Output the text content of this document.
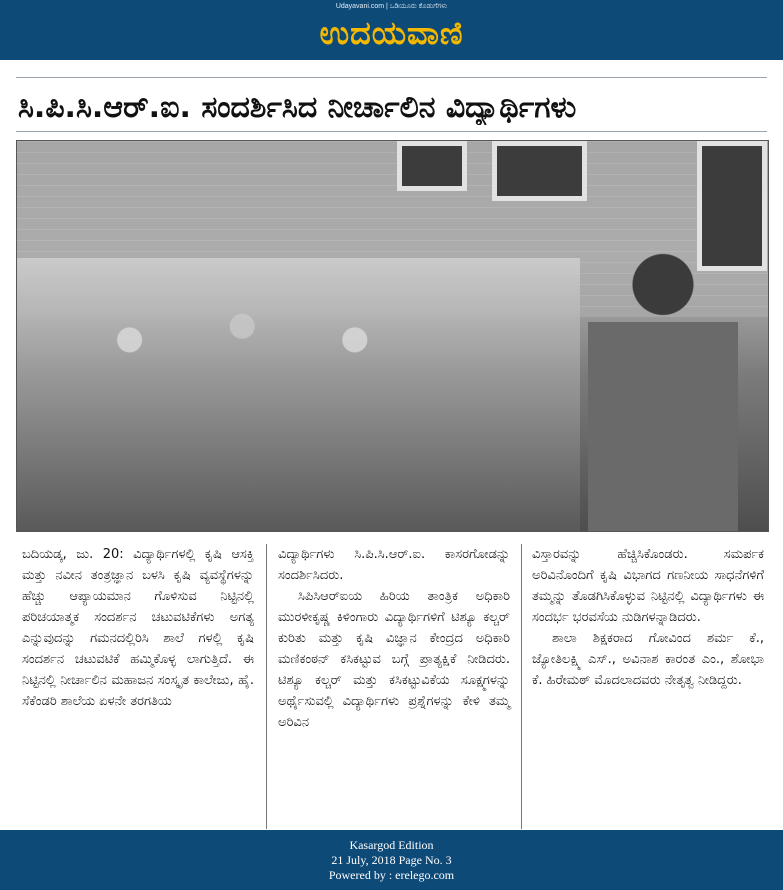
Udayavani.com | ಒಡಿಯೂರು ಕೊಡುಗೆಗಳು
ಉದಯವಾಣಿ
ಸಿ.ಪಿ.ಸಿ.ಆರ್.ಐ. ಸಂದರ್ಶಿಸಿದ ನೀರ್ಚಾಲಿನ ವಿದ್ಯಾರ್ಥಿಗಳು

ಬದಿಯಡ್ಕ, ಜು. 20: ವಿದ್ಯಾರ್ಥಿಗಳಲ್ಲಿ ಕೃಷಿ ಆಸಕ್ತಿ ಮತ್ತು ನವೀನ ತಂತ್ರಜ್ಞಾನ ಬಳಸಿ ಕೃಷಿ ವ್ಯವಸ್ಥೆಗಳನ್ನು ಹೆಚ್ಚು ಆಪ್ಯಾಯಮಾನ ಗೊಳಿಸುವ ನಿಟ್ಟಿನಲ್ಲಿ ಪರಿಚಯಾತ್ಮಕ ಸಂದರ್ಶನ ಚಟುವಟಿಕೆಗಳು ಅಗತ್ಯ ಎನ್ನುವುದನ್ನು ಗಮನದಲ್ಲಿರಿಸಿ ಶಾಲೆ ಗಳಲ್ಲಿ ಕೃಷಿ ಸಂದರ್ಶನ ಚಟುವಟಿಕೆ ಹಮ್ಮಿಕೊಳ್ಳ ಲಾಗುತ್ತಿದೆ. ಈ ನಿಟ್ಟಿನಲ್ಲಿ ನೀರ್ಚಾಲಿನ ಮಹಾಜನ ಸಂಸ್ಕೃತ ಕಾಲೇಜು, ಹೈ. ಸೆಕೆಂಡರಿ ಶಾಲೆಯ ಏಳನೇ ತರಗತಿಯ

ವಿದ್ಯಾರ್ಥಿಗಳು ಸಿ.ಪಿ.ಸಿ.ಆರ್.ಐ. ಕಾಸರಗೋಡನ್ನು ಸಂದರ್ಶಿಸಿದರು.

ಸಿಪಿಸಿಆರ್‌ಐಯ ಹಿರಿಯ ತಾಂತ್ರಿಕ ಅಧಿಕಾರಿ ಮುರಳೀಕೃಷ್ಣ ಕಿಳಿಂಗಾರು ವಿದ್ಯಾರ್ಥಿಗಳಿಗೆ ಟಿಶ್ಯೂ ಕಲ್ಚರ್ ಕುರಿತು ಮತ್ತು ಕೃಷಿ ವಿಜ್ಞಾನ ಕೇಂದ್ರದ ಅಧಿಕಾರಿ ಮಣಿಕಂಠನ್ ಕಸಿಕಟ್ಟುವ ಬಗ್ಗೆ ಪ್ರಾತ್ಯಕ್ಷಿಕೆ ನೀಡಿದರು. ಟಿಶ್ಯೂ ಕಲ್ಚರ್ ಮತ್ತು ಕಸಿಕಟ್ಟುವಿಕೆಯ ಸೂಕ್ಷ್ಮಗಳನ್ನು ಅರ್ಥೈಸುವಲ್ಲಿ ವಿದ್ಯಾರ್ಥಿಗಳು ಪ್ರಶ್ನೆಗಳನ್ನು ಕೇಳಿ ತಮ್ಮ ಅರಿವಿನ

ವಿಸ್ತಾರವನ್ನು ಹೆಚ್ಚಿಸಿಕೊಂಡರು. ಸಮರ್ಪಕ ಅರಿವಿನೊಂದಿಗೆ ಕೃಷಿ ವಿಭಾಗದ ಗಣನೀಯ ಸಾಧನೆಗಳಿಗೆ ತಮ್ಮನ್ನು ತೊಡಗಿಸಿಕೊಳ್ಳುವ ನಿಟ್ಟಿನಲ್ಲಿ ವಿದ್ಯಾರ್ಥಿಗಳು ಈ ಸಂದರ್ಭ ಭರವಸೆಯ ನುಡಿಗಳನ್ನಾಡಿದರು.

ಶಾಲಾ ಶಿಕ್ಷಕರಾದ ಗೋವಿಂದ ಶರ್ಮ ಕೆ., ಜ್ಯೋತಿಲಕ್ಷ್ಮಿ ಎಸ್., ಅವಿನಾಶ ಕಾರಂತ ಎಂ., ಶೋಭಾ ಕೆ. ಹಿರೇಮಠ್ ಮೊದಲಾದವರು ನೇತೃತ್ವ ನೀಡಿದ್ದರು.

Kasargod Edition
21 July, 2018 Page No. 3
Powered by : erelego.com
